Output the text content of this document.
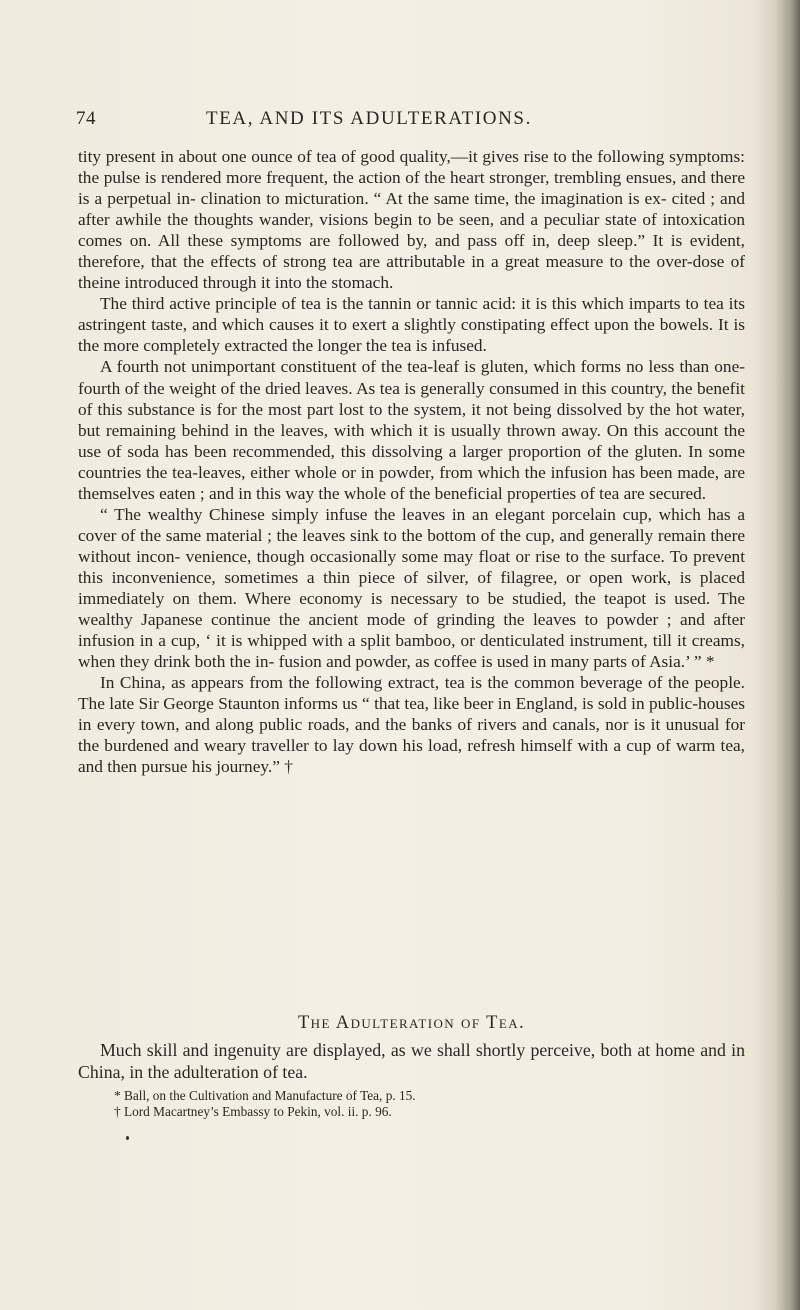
74	TEA, AND ITS ADULTERATIONS.

tity present in about one ounce of tea of good quality,—it gives rise to the following symptoms: the pulse is rendered more frequent, the action of the heart stronger, trembling ensues, and there is a perpetual in- clination to micturation. “ At the same time, the imagination is ex- cited ; and after awhile the thoughts wander, visions begin to be seen, and a peculiar state of intoxication comes on. All these symptoms are followed by, and pass off in, deep sleep.” It is evident, therefore, that the effects of strong tea are attributable in a great measure to the over-dose of theine introduced through it into the stomach.

The third active principle of tea is the tannin or tannic acid: it is this which imparts to tea its astringent taste, and which causes it to exert a slightly constipating effect upon the bowels. It is the more completely extracted the longer the tea is infused.

A fourth not unimportant constituent of the tea-leaf is gluten, which forms no less than one-fourth of the weight of the dried leaves. As tea is generally consumed in this country, the benefit of this substance is for the most part lost to the system, it not being dissolved by the hot water, but remaining behind in the leaves, with which it is usually thrown away. On this account the use of soda has been recommended, this dissolving a larger proportion of the gluten. In some countries the tea-leaves, either whole or in powder, from which the infusion has been made, are themselves eaten ; and in this way the whole of the beneficial properties of tea are secured.

“ The wealthy Chinese simply infuse the leaves in an elegant porcelain cup, which has a cover of the same material ; the leaves sink to the bottom of the cup, and generally remain there without incon- venience, though occasionally some may float or rise to the surface. To prevent this inconvenience, sometimes a thin piece of silver, of filagree, or open work, is placed immediately on them. Where economy is necessary to be studied, the teapot is used. The wealthy Japanese continue the ancient mode of grinding the leaves to powder ; and after infusion in a cup, ‘ it is whipped with a split bamboo, or denticulated instrument, till it creams, when they drink both the in- fusion and powder, as coffee is used in many parts of Asia.’ ” *

In China, as appears from the following extract, tea is the common beverage of the people. The late Sir George Staunton informs us “ that tea, like beer in England, is sold in public-houses in every town, and along public roads, and the banks of rivers and canals, nor is it unusual for the burdened and weary traveller to lay down his load, refresh himself with a cup of warm tea, and then pursue his journey.” †

The Adulteration of Tea.

Much skill and ingenuity are displayed, as we shall shortly perceive, both at home and in China, in the adulteration of tea.

* Ball, on the Cultivation and Manufacture of Tea, p. 15.
† Lord Macartney’s Embassy to Pekin, vol. ii. p. 96.
